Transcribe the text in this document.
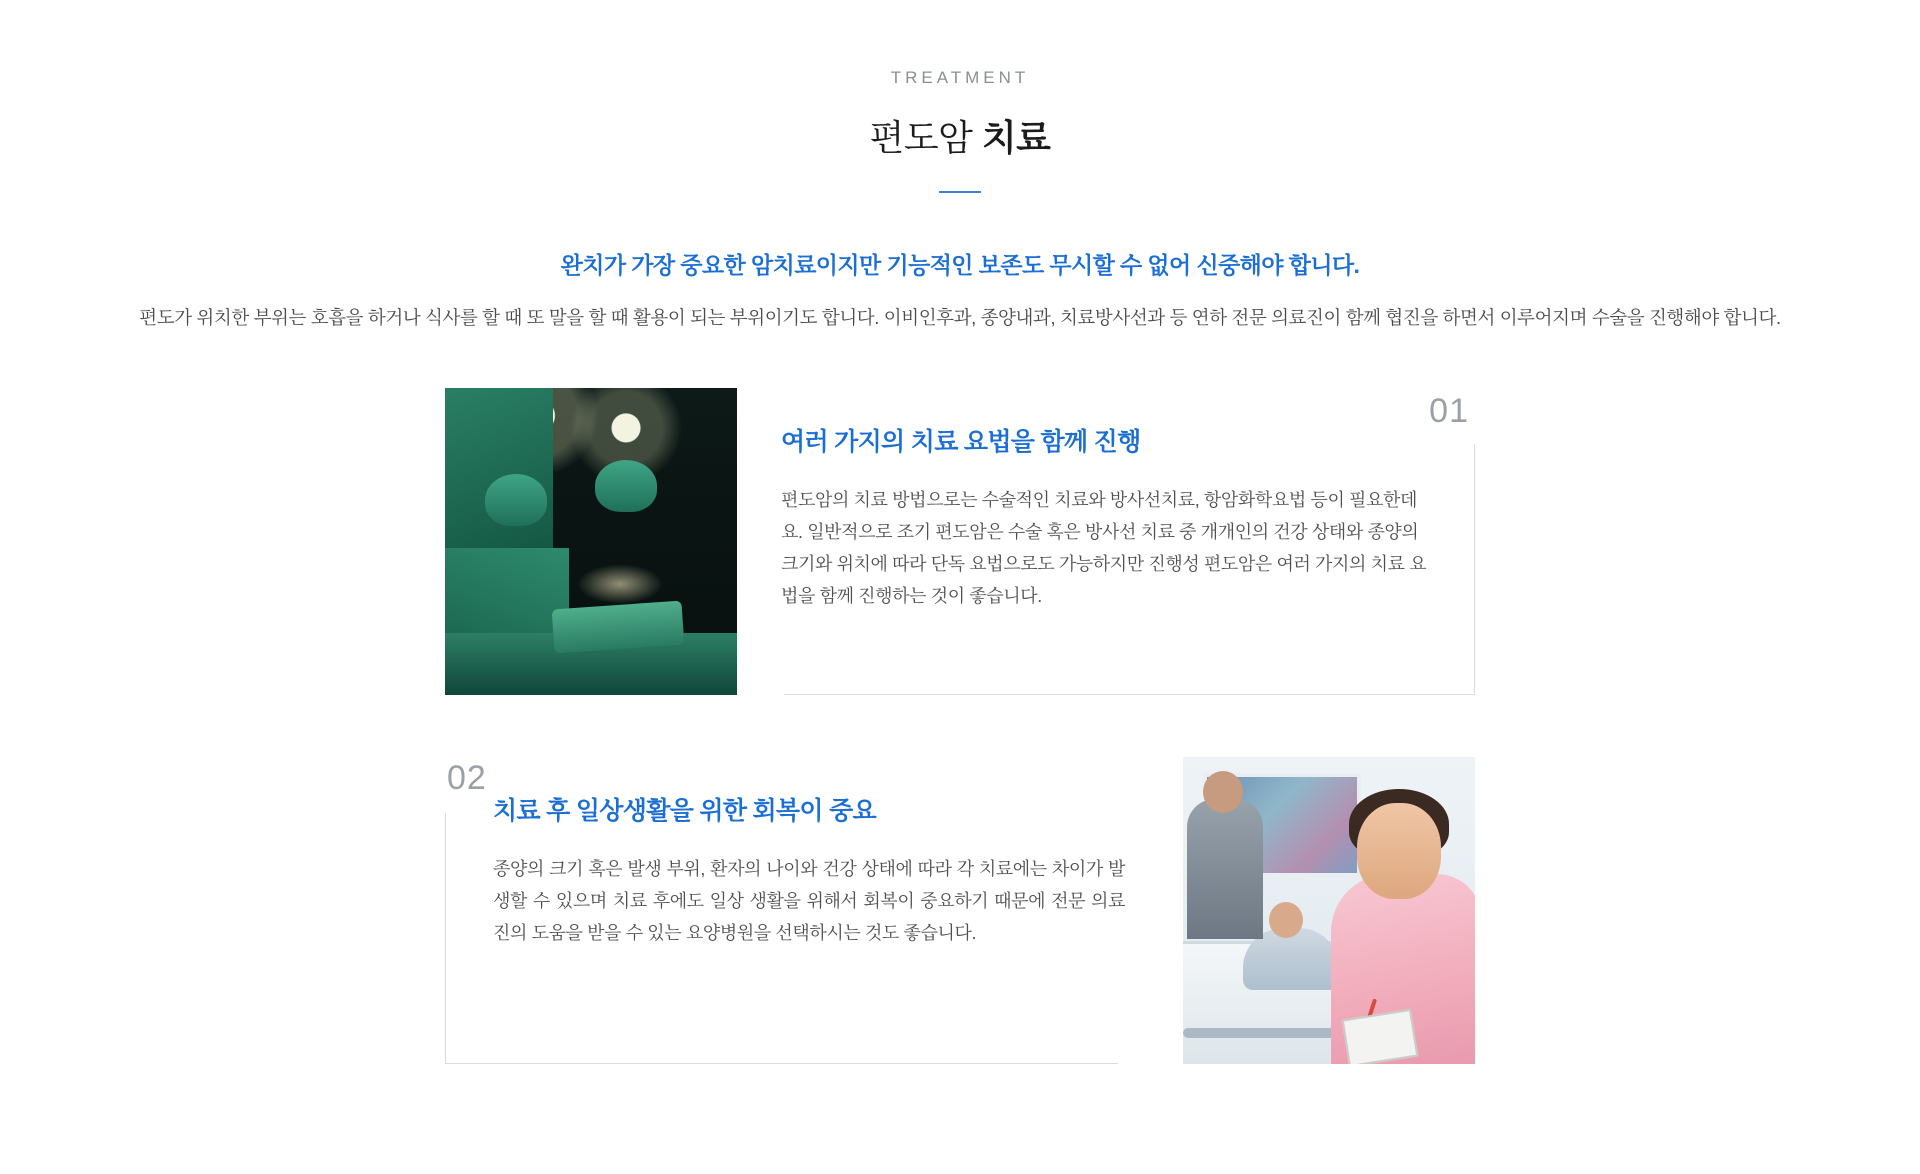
TREATMENT
편도암 치료
완치가 가장 중요한 암치료이지만 기능적인 보존도 무시할 수 없어 신중해야 합니다.
편도가 위치한 부위는 호흡을 하거나 식사를 할 때 또 말을 할 때 활용이 되는 부위이기도 합니다. 이비인후과, 종양내과, 치료방사선과 등 연하 전문 의료진이 함께 협진을 하면서 이루어지며 수술을 진행해야 합니다.
01
여러 가지의 치료 요법을 함께 진행
편도암의 치료 방법으로는 수술적인 치료와 방사선치료, 항암화학요법 등이 필요한데요. 일반적으로 조기 편도암은 수술 혹은 방사선 치료 중 개개인의 건강 상태와 종양의 크기와 위치에 따라 단독 요법으로도 가능하지만 진행성 편도암은 여러 가지의 치료 요법을 함께 진행하는 것이 좋습니다.
02
치료 후 일상생활을 위한 회복이 중요
종양의 크기 혹은 발생 부위, 환자의 나이와 건강 상태에 따라 각 치료에는 차이가 발생할 수 있으며 치료 후에도 일상 생활을 위해서 회복이 중요하기 때문에 전문 의료진의 도움을 받을 수 있는 요양병원을 선택하시는 것도 좋습니다.
